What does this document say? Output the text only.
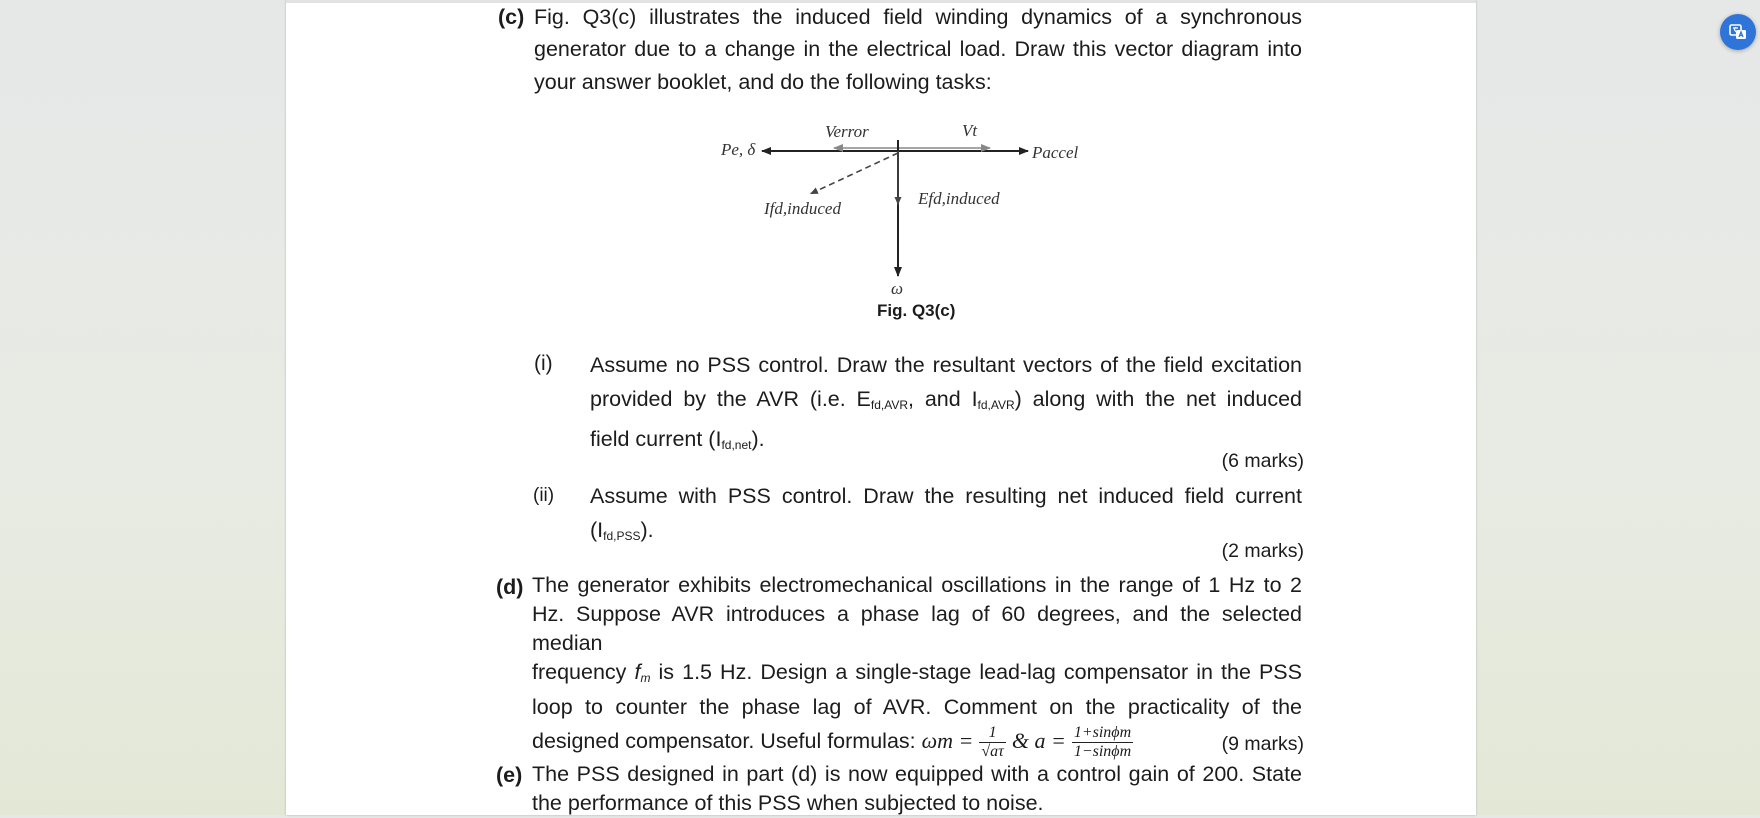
(c) Fig. Q3(c) illustrates the induced field winding dynamics of a synchronous
generator due to a change in the electrical load. Draw this vector diagram into
your answer booklet, and do the following tasks:
Pe, δ
Verror	Vt
Paccel
Ifd,induced
Efd,induced
ω
Fig. Q3(c)
(i) Assume no PSS control. Draw the resultant vectors of the field excitation
provided by the AVR (i.e. $E_{fd,AVR}$, and $I_{fd,AVR}$) along with the net induced
field current $(I_{fd,net})$.
(6 marks)
(ii) Assume with PSS control. Draw the resulting net induced field current
$(I_{fd,PSS})$.
(2 marks)
(d) The generator exhibits electromechanical oscillations in the range of 1 Hz to 2
Hz. Suppose AVR introduces a phase lag of 60 degrees, and the selected median
frequency $f_m$ is 1.5 Hz. Design a single-stage lead-lag compensator in the PSS
loop to counter the phase lag of AVR. Comment on the practicality of the
designed compensator. Useful formulas: $\omega m = \frac{1}{√a\tau}$ & $a = \frac{1+\sin\phi m}{1-\sin\phi m}$	(9 marks)
(e) The PSS designed in part (d) is now equipped with a control gain of 200. State
the performance of this PSS when subjected to noise.
